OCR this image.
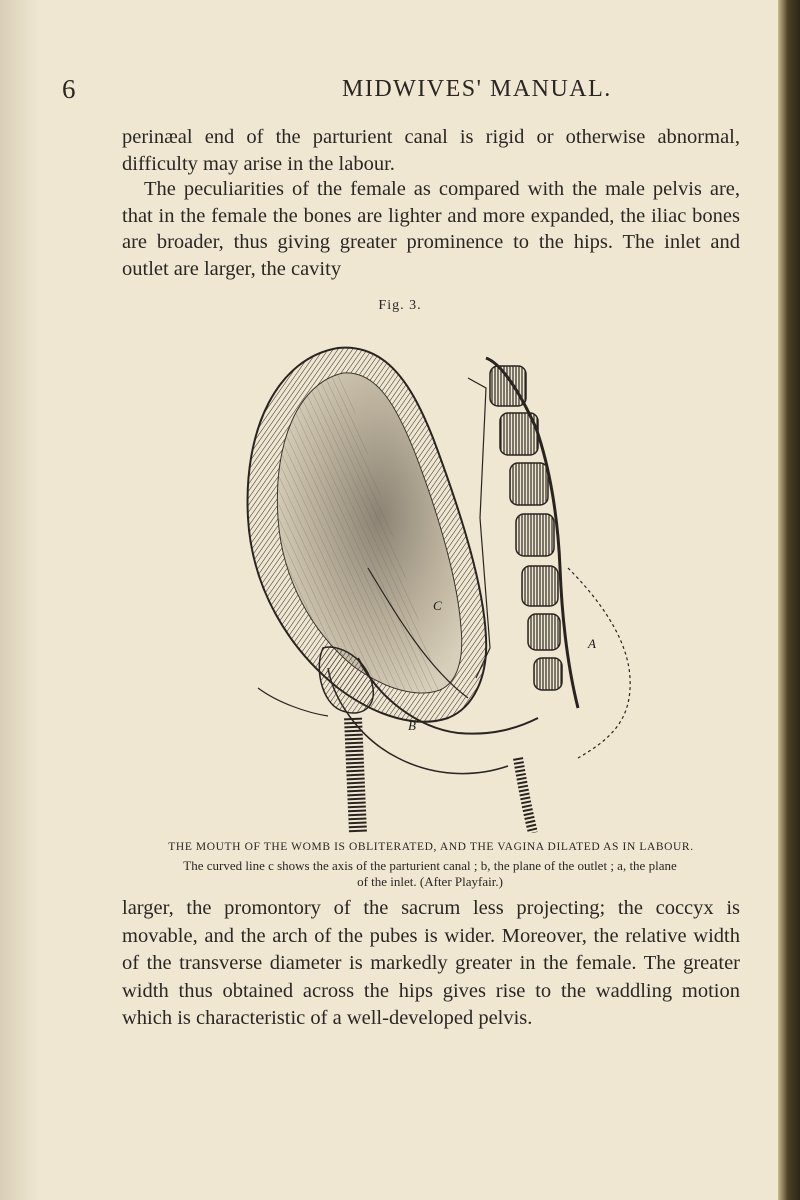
6	MIDWIVES' MANUAL.

perinæal end of the parturient canal is rigid or otherwise abnormal, difficulty may arise in the labour.

The peculiarities of the female as compared with the male pelvis are, that in the female the bones are lighter and more expanded, the iliac bones are broader, thus giving greater prominence to the hips. The inlet and outlet are larger, the cavity

Fig. 3.
C
B
A
THE MOUTH OF THE WOMB IS OBLITERATED, AND THE VAGINA DILATED AS IN LABOUR.

The curved line c shows the axis of the parturient canal ; b, the plane of the outlet ; a, the plane of the inlet. (After Playfair.)

larger, the promontory of the sacrum less projecting; the coccyx is movable, and the arch of the pubes is wider. Moreover, the relative width of the transverse diameter is markedly greater in the female. The greater width thus obtained across the hips gives rise to the waddling motion which is characteristic of a well-developed pelvis.
